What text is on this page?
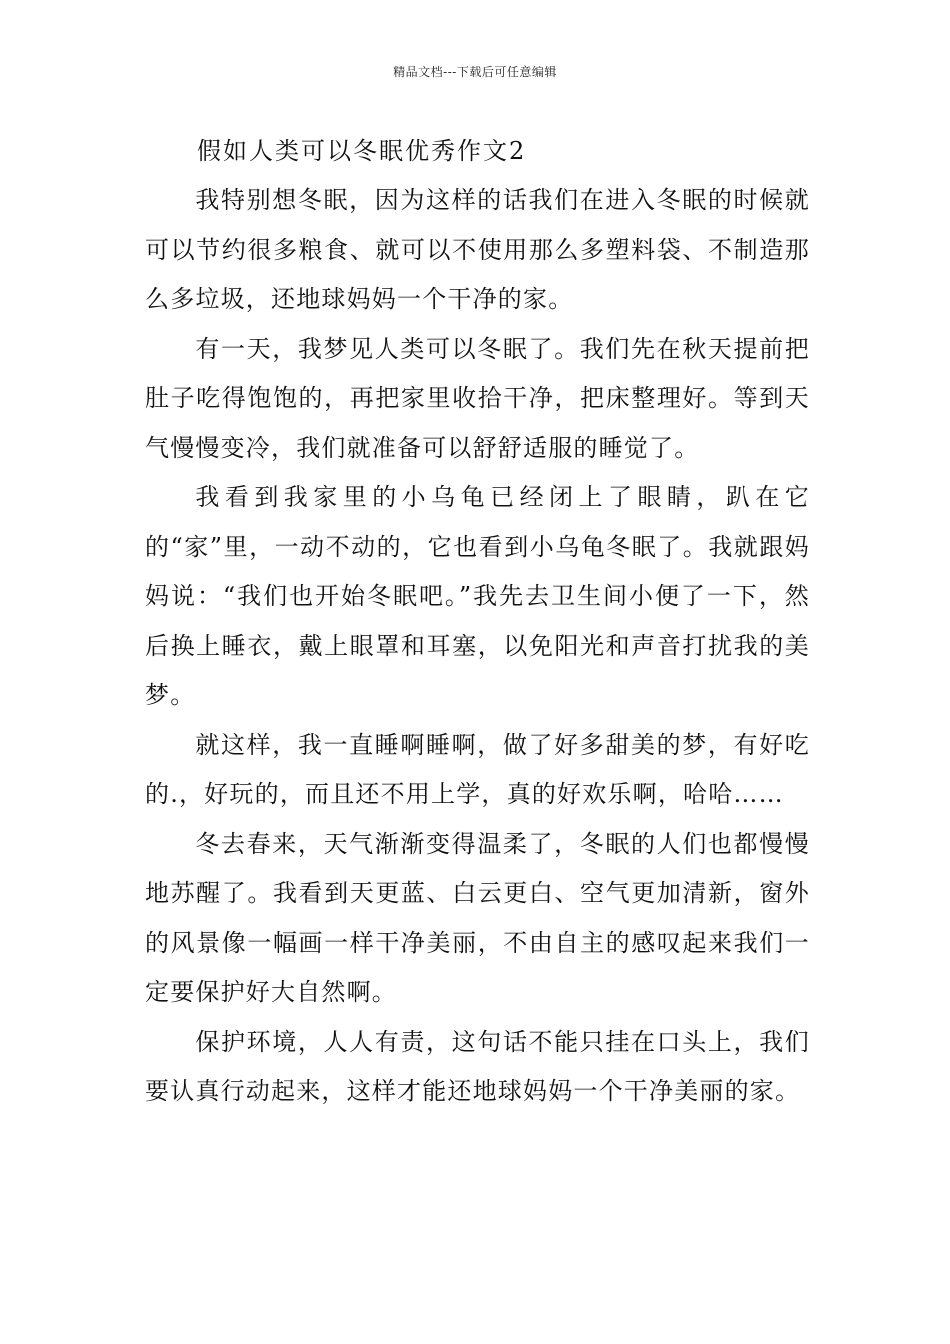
精品文档---下载后可任意编辑
假如人类可以冬眠优秀作文2

我特别想冬眠，因为这样的话我们在进入冬眠的时候就可以节约很多粮食、就可以不使用那么多塑料袋、不制造那么多垃圾，还地球妈妈一个干净的家。

有一天，我梦见人类可以冬眠了。我们先在秋天提前把肚子吃得饱饱的，再把家里收拾干净，把床整理好。等到天气慢慢变冷，我们就准备可以舒舒适服的睡觉了。

我看到我家里的小乌龟已经闭上了眼睛，趴在它的“家”里，一动不动的，它也看到小乌龟冬眠了。我就跟妈妈说：“我们也开始冬眠吧。”我先去卫生间小便了一下，然后换上睡衣，戴上眼罩和耳塞，以免阳光和声音打扰我的美梦。

就这样，我一直睡啊睡啊，做了好多甜美的梦，有好吃的.，好玩的，而且还不用上学，真的好欢乐啊，哈哈……

冬去春来，天气渐渐变得温柔了，冬眠的人们也都慢慢地苏醒了。我看到天更蓝、白云更白、空气更加清新，窗外的风景像一幅画一样干净美丽，不由自主的感叹起来我们一定要保护好大自然啊。

保护环境，人人有责，这句话不能只挂在口头上，我们要认真行动起来，这样才能还地球妈妈一个干净美丽的家。
